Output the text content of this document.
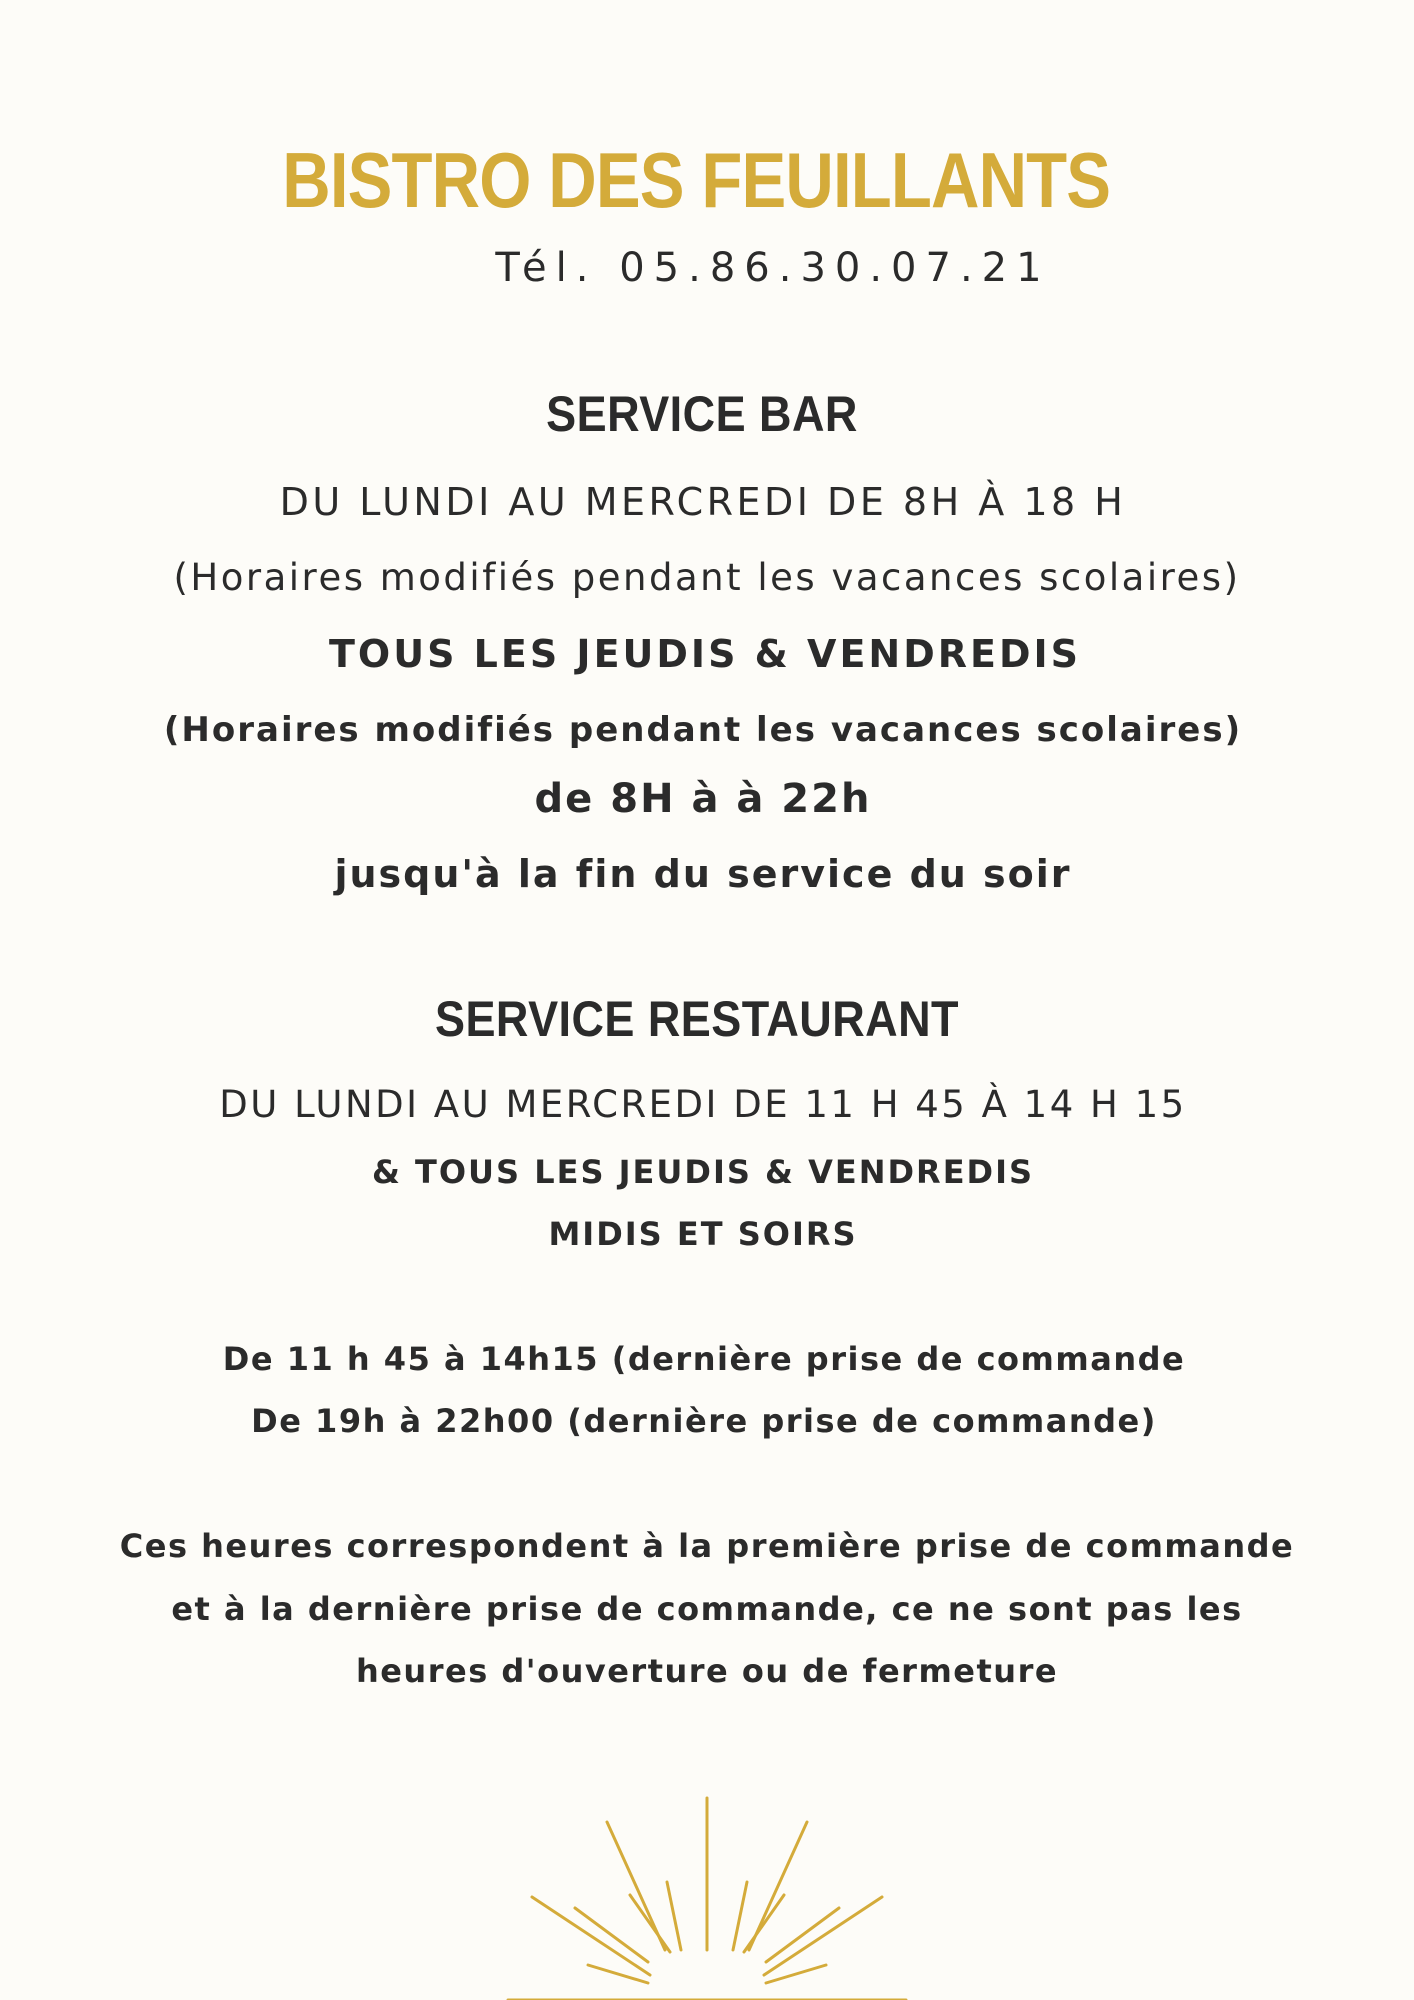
BISTRO DES FEUILLANTS

Tél. 05.86.30.07.21

SERVICE BAR

DU LUNDI AU MERCREDI DE 8H À 18 H

(Horaires modifiés pendant les vacances scolaires)

TOUS LES JEUDIS & VENDREDIS

(Horaires modifiés pendant les vacances scolaires)

de 8H à à 22h

jusqu'à la fin du service du soir

SERVICE RESTAURANT

DU LUNDI AU MERCREDI DE 11 H 45 À 14 H 15

& TOUS LES JEUDIS & VENDREDIS

MIDIS ET SOIRS

De 11 h 45 à 14h15 (dernière prise de commande

De 19h à 22h00 (dernière prise de commande)

Ces heures correspondent à la première prise de commande

et à la dernière prise de commande, ce ne sont pas les

heures d'ouverture ou de fermeture
